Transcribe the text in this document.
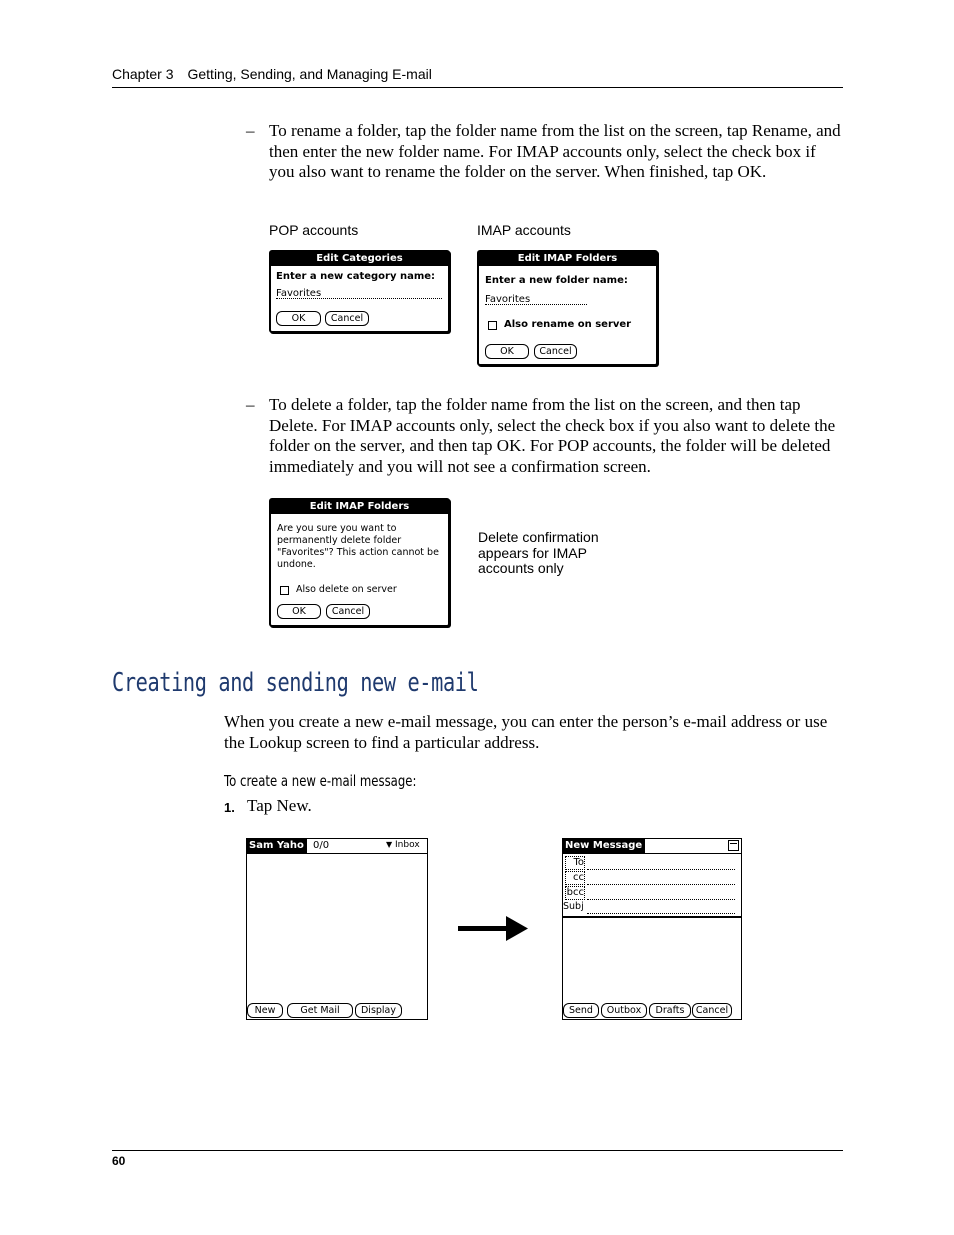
Chapter 3 Getting, Sending, and Managing E-mail
– To rename a folder, tap the folder name from the list on the screen, tap Rename, and then enter the new folder name. For IMAP accounts only, select the check box if you also want to rename the folder on the server. When finished, tap OK.
POP accounts	IMAP accounts
Edit Categories
Enter a new category name:
Favorites
OK	Cancel
Edit IMAP Folders
Enter a new folder name:
Favorites
Also rename on server
OK	Cancel
– To delete a folder, tap the folder name from the list on the screen, and then tap Delete. For IMAP accounts only, select the check box if you also want to delete the folder on the server, and then tap OK. For POP accounts, the folder will be deleted immediately and you will not see a confirmation screen.
Edit IMAP Folders
Are you sure you want to
permanently delete folder
"Favorites"? This action cannot be
undone.
Also delete on server
OK	Cancel
Delete confirmation
appears for IMAP
accounts only
Creating and sending new e-mail
When you create a new e-mail message, you can enter the person’s e-mail address or use the Lookup screen to find a particular address.
To create a new e-mail message:
1. Tap New.
Sam Yaho 0/0	▼ Inbox
New	Get Mail	Display
New Message
To
cc
bcc
Subj
Send	Outbox	Drafts	Cancel
60
